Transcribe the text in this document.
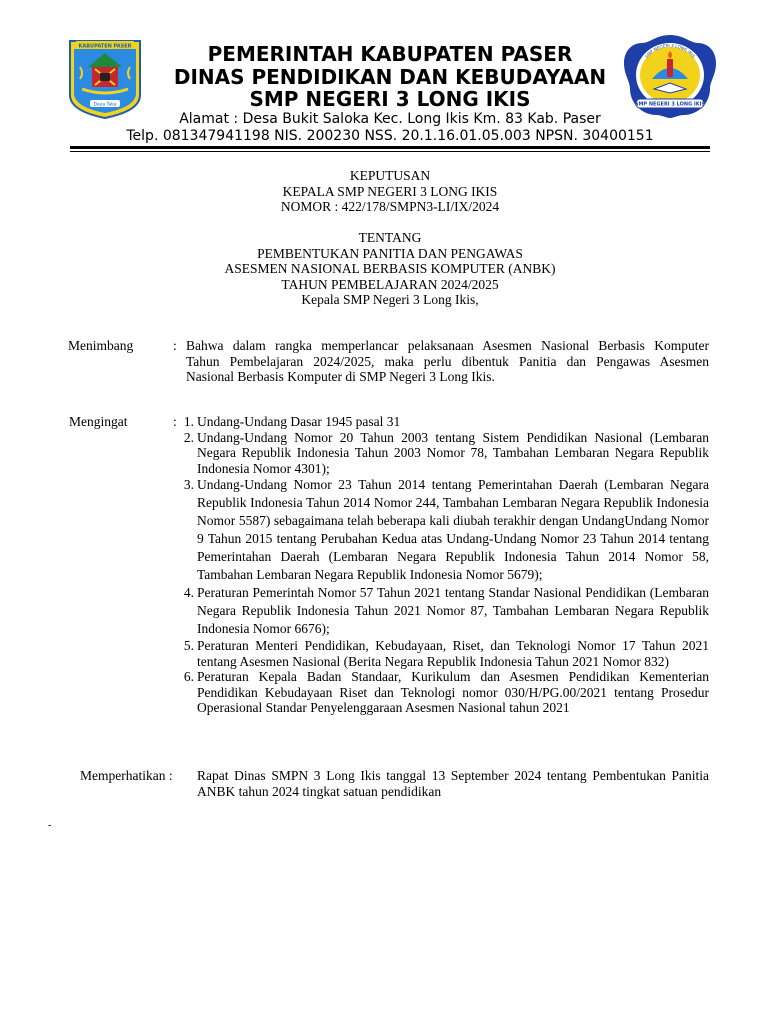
KABUPATEN PASER
Daya Taka
PEMERINTAH KABUPATEN PASER
DINAS PENDIDIKAN DAN KEBUDAYAAN
SMP NEGERI 3 LONG IKIS	SMP NEGERI 3 LONG IKIS
SMP NEGERI 3 LONG IKIS
Alamat : Desa Bukit Saloka Kec. Long Ikis Km. 83 Kab. Paser
Telp. 081347941198 NIS. 200230 NSS. 20.1.16.01.05.003 NPSN. 30400151
KEPUTUSAN
KEPALA SMP NEGERI 3 LONG IKIS
NOMOR : 422/178/SMPN3-LI/IX/2024
TENTANG
PEMBENTUKAN PANITIA DAN PENGAWAS
ASESMEN NASIONAL BERBASIS KOMPUTER (ANBK)
TAHUN PEMBELAJARAN 2024/2025
Kepala SMP Negeri 3 Long Ikis,
Menimbang	: Bahwa dalam rangka memperlancar pelaksanaan Asesmen Nasional Berbasis Komputer
Tahun Pembelajaran 2024/2025, maka perlu dibentuk Panitia dan Pengawas Asesmen
Nasional Berbasis Komputer di SMP Negeri 3 Long Ikis.
Mengingat	: 1. Undang-Undang Dasar 1945 pasal 31
2. Undang-Undang Nomor 20 Tahun 2003 tentang Sistem Pendidikan Nasional (Lembaran Negara Republik Indonesia Tahun 2003 Nomor 78, Tambahan Lembaran Negara Republik Indonesia Nomor 4301);
3. Undang-Undang Nomor 23 Tahun 2014 tentang Pemerintahan Daerah (Lembaran Negara Republik Indonesia Tahun 2014 Nomor 244, Tambahan Lembaran Negara Republik Indonesia Nomor 5587) sebagaimana telah beberapa kali diubah terakhir dengan UndangUndang Nomor 9 Tahun 2015 tentang Perubahan Kedua atas Undang-Undang Nomor 23 Tahun 2014 tentang Pemerintahan Daerah (Lembaran Negara Republik Indonesia Tahun 2014 Nomor 58, Tambahan Lembaran Negara Republik Indonesia Nomor 5679);
4. Peraturan Pemerintah Nomor 57 Tahun 2021 tentang Standar Nasional Pendidikan (Lembaran Negara Republik Indonesia Tahun 2021 Nomor 87, Tambahan Lembaran Negara Republik Indonesia Nomor 6676);
5. Peraturan Menteri Pendidikan, Kebudayaan, Riset, dan Teknologi Nomor 17 Tahun 2021 tentang Asesmen Nasional (Berita Negara Republik Indonesia Tahun 2021 Nomor 832)
6. Peraturan Kepala Badan Standaar, Kurikulum dan Asesmen Pendidikan Kementerian Pendidikan Kebudayaan Riset dan Teknologi nomor 030/H/PG.00/2021 tentang Prosedur Operasional Standar Penyelenggaraan Asesmen Nasional tahun 2021
Memperhatikan : Rapat Dinas SMPN 3 Long Ikis tanggal 13 September 2024 tentang Pembentukan Panitia ANBK tahun 2024 tingkat satuan pendidikan
-
